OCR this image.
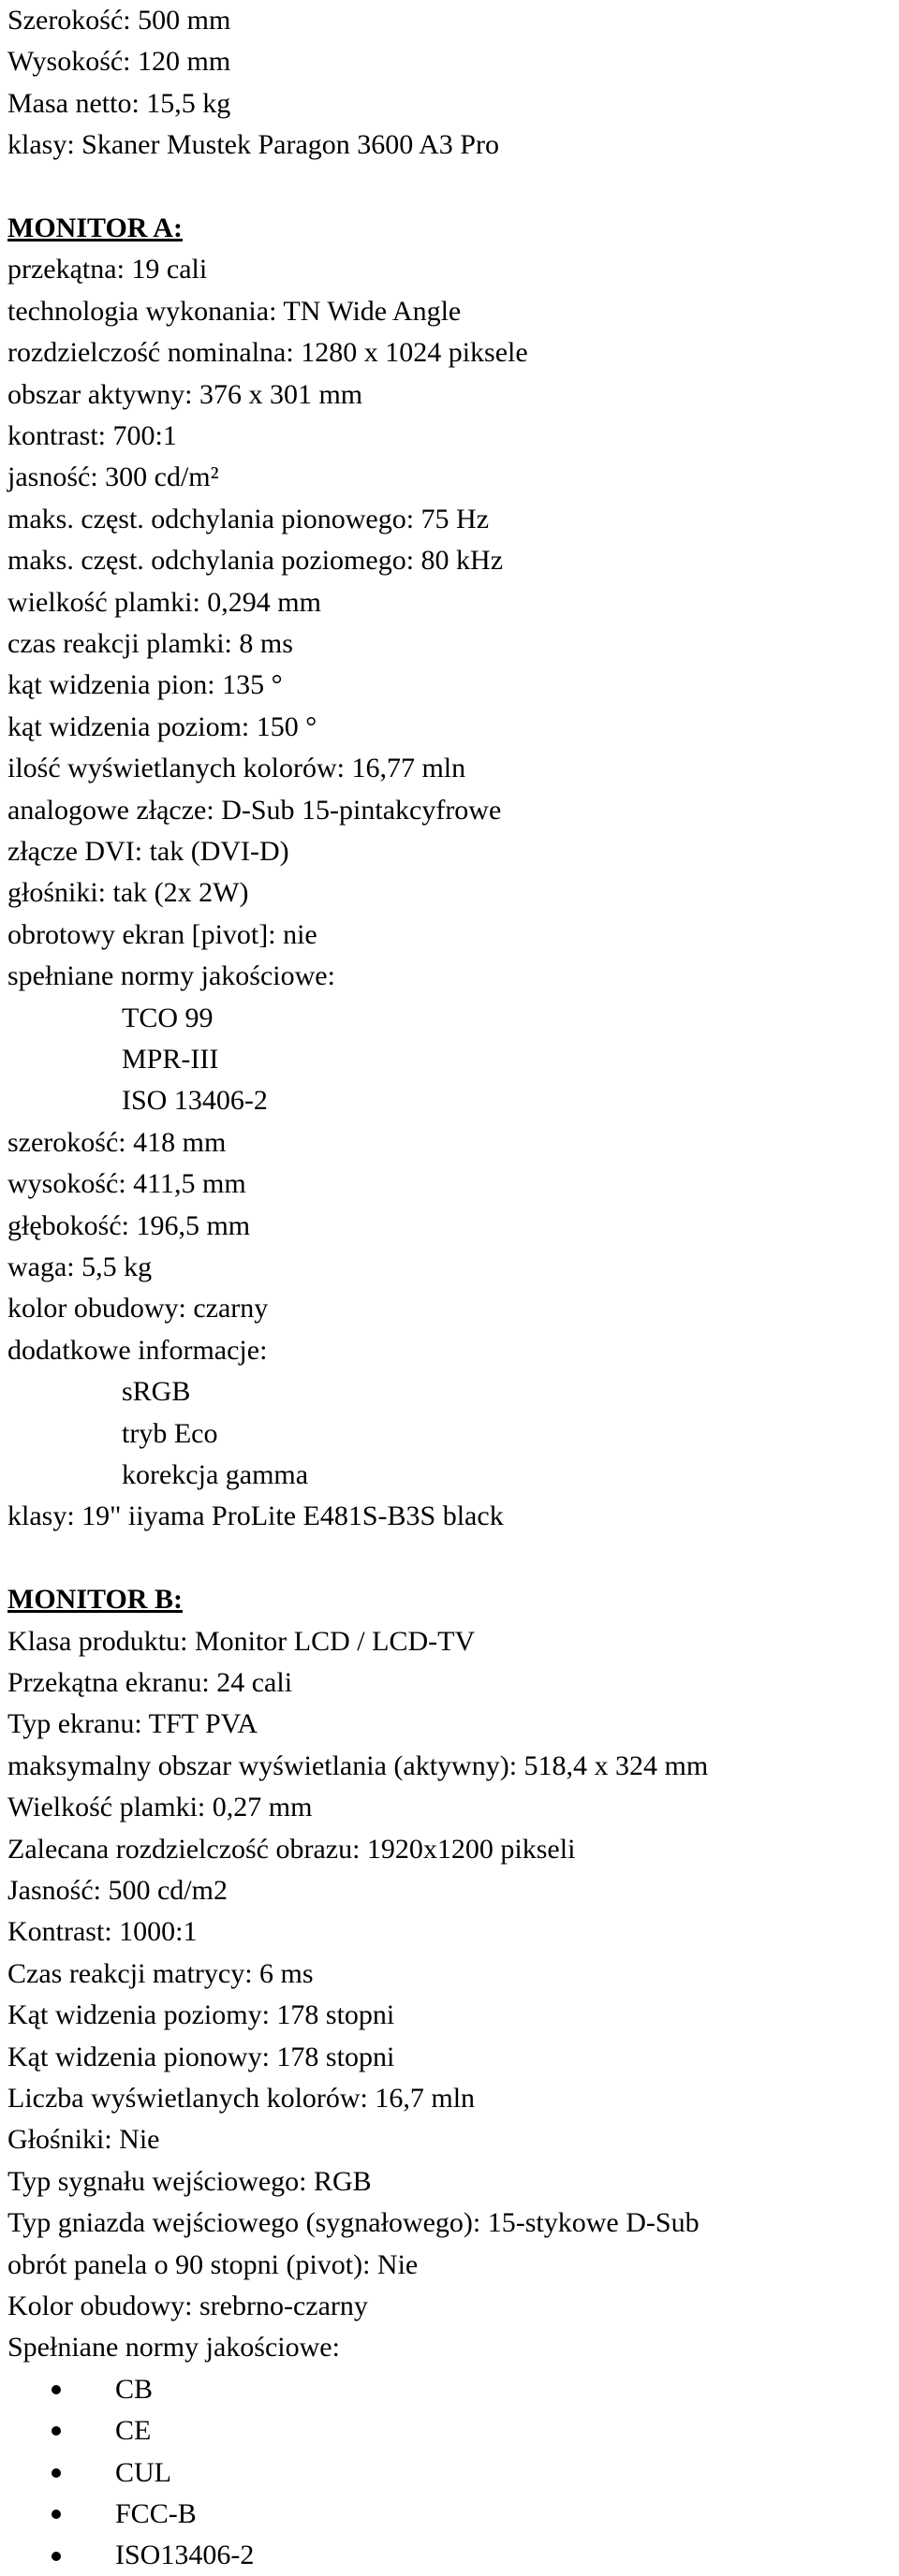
Szerokość: 500 mm
Wysokość: 120 mm
Masa netto: 15,5 kg
klasy: Skaner Mustek Paragon 3600 A3 Pro
MONITOR A:
przekątna: 19 cali
technologia wykonania: TN Wide Angle
rozdzielczość nominalna: 1280 x 1024 piksele
obszar aktywny: 376 x 301 mm
kontrast: 700:1
jasność: 300 cd/m²
maks. częst. odchylania pionowego: 75 Hz
maks. częst. odchylania poziomego: 80 kHz
wielkość plamki: 0,294 mm
czas reakcji plamki: 8 ms
kąt widzenia pion: 135 °
kąt widzenia poziom: 150 °
ilość wyświetlanych kolorów: 16,77 mln
analogowe złącze: D-Sub 15-pintakcyfrowe
złącze DVI: tak (DVI-D)
głośniki: tak (2x 2W)
obrotowy ekran [pivot]: nie
spełniane normy jakościowe:
TCO 99
MPR-III
ISO 13406-2
szerokość: 418 mm
wysokość: 411,5 mm
głębokość: 196,5 mm
waga: 5,5 kg
kolor obudowy: czarny
dodatkowe informacje:
sRGB
tryb Eco
korekcja gamma
klasy: 19" iiyama ProLite E481S-B3S black
MONITOR B:
Klasa produktu: Monitor LCD / LCD-TV
Przekątna ekranu: 24 cali
Typ ekranu: TFT PVA
maksymalny obszar wyświetlania (aktywny): 518,4 x 324 mm
Wielkość plamki: 0,27 mm
Zalecana rozdzielczość obrazu: 1920x1200 pikseli
Jasność: 500 cd/m2
Kontrast: 1000:1
Czas reakcji matrycy: 6 ms
Kąt widzenia poziomy: 178 stopni
Kąt widzenia pionowy: 178 stopni
Liczba wyświetlanych kolorów: 16,7 mln
Głośniki: Nie
Typ sygnału wejściowego: RGB
Typ gniazda wejściowego (sygnałowego): 15-stykowe D-Sub
obrót panela o 90 stopni (pivot): Nie
Kolor obudowy: srebrno-czarny
Spełniane normy jakościowe:
CB
CE
CUL
FCC-B
ISO13406-2
